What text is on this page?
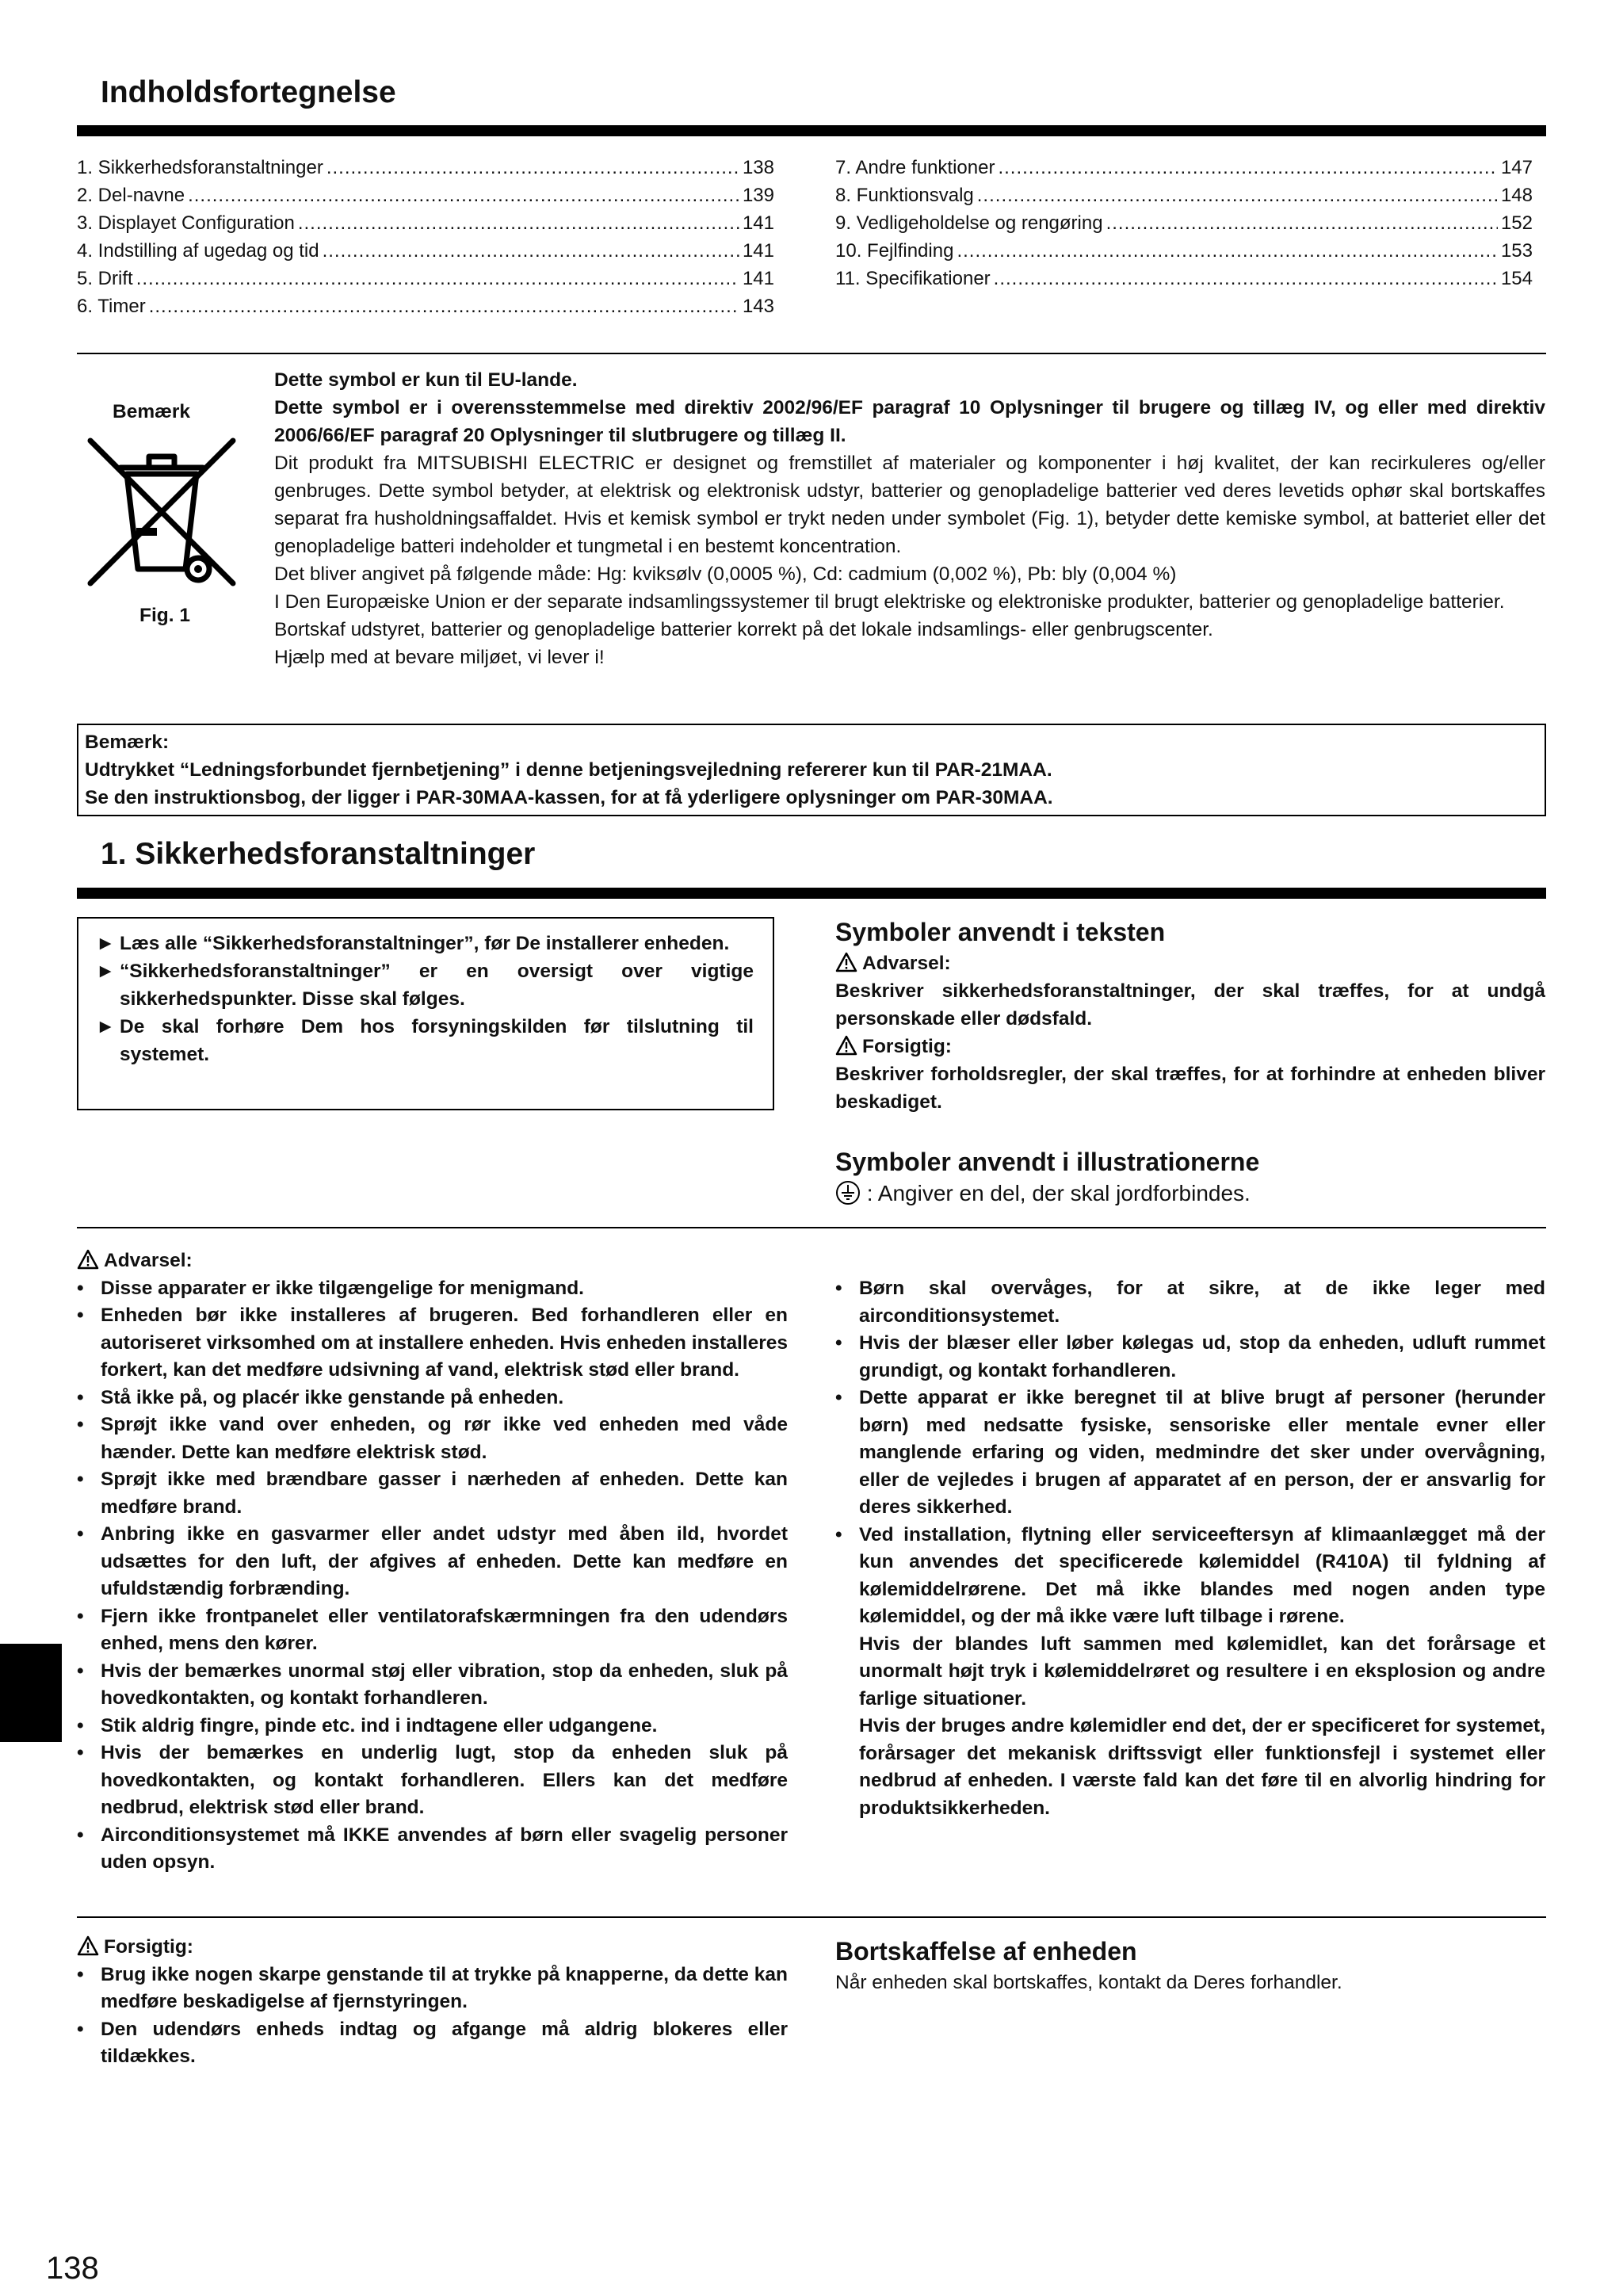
Indholdsfortegnelse
1. Sikkerhedsforanstaltninger .....	138
2. Del-navne .....	139
3. Displayet Configuration .....	141
4. Indstilling af ugedag og tid .....	141
5. Drift .....	141
6. Timer .....	143
7. Andre funktioner .....	147
8. Funktionsvalg .....	148
9. Vedligeholdelse og rengøring .....	152
10. Fejlfinding .....	153
11. Specifikationer .....	154
Bemærk
Fig. 1

Dette symbol er kun til EU-lande.

Dette symbol er i overensstemmelse med direktiv 2002/96/EF paragraf 10 Oplysninger til brugere og tillæg IV, og eller med direktiv 2006/66/EF paragraf 20 Oplysninger til slutbrugere og tillæg II.

Dit produkt fra MITSUBISHI ELECTRIC er designet og fremstillet af materialer og komponenter i høj kvalitet, der kan recirkuleres og/eller genbruges. Dette symbol betyder, at elektrisk og elektronisk udstyr, batterier og genopladelige batterier ved deres levetids ophør skal bortskaffes separat fra husholdningsaffaldet. Hvis et kemisk symbol er trykt neden under symbolet (Fig. 1), betyder dette kemiske symbol, at batteriet eller det genopladelige batteri indeholder et tungmetal i en bestemt koncentration.

Det bliver angivet på følgende måde: Hg: kviksølv (0,0005 %), Cd: cadmium (0,002 %), Pb: bly (0,004 %)

I Den Europæiske Union er der separate indsamlingssystemer til brugt elektriske og elektroniske produkter, batterier og genopladelige batterier.

Bortskaf udstyret, batterier og genopladelige batterier korrekt på det lokale indsamlings- eller genbrugscenter.

Hjælp med at bevare miljøet, vi lever i!

Bemærk:

Udtrykket “Ledningsforbundet fjernbetjening” i denne betjeningsvejledning refererer kun til PAR-21MAA.

Se den instruktionsbog, der ligger i PAR-30MAA-kassen, for at få yderligere oplysninger om PAR-30MAA.

1. Sikkerhedsforanstaltninger
► Læs alle “Sikkerhedsforanstaltninger”, før De installerer enheden.
► “Sikkerhedsforanstaltninger” er en oversigt over vigtige sikkerhedspunkter. Disse skal følges.
► De skal forhøre Dem hos forsyningskilden før tilslutning til systemet.
Symboler anvendt i teksten

Advarsel:

Beskriver sikkerhedsforanstaltninger, der skal træffes, for at undgå personskade eller dødsfald.

Forsigtig:

Beskriver forholdsregler, der skal træffes, for at forhindre at enheden bliver beskadiget.

Symboler anvendt i illustrationerne
: Angiver en del, der skal jordforbindes.

Advarsel:

• Disse apparater er ikke tilgængelige for menigmand.
• Enheden bør ikke installeres af brugeren. Bed forhandleren eller en autoriseret virksomhed om at installere enheden. Hvis enheden installeres forkert, kan det medføre udsivning af vand, elektrisk stød eller brand.
• Stå ikke på, og placér ikke genstande på enheden.
• Sprøjt ikke vand over enheden, og rør ikke ved enheden med våde hænder. Dette kan medføre elektrisk stød.
• Sprøjt ikke med brændbare gasser i nærheden af enheden. Dette kan medføre brand.
• Anbring ikke en gasvarmer eller andet udstyr med åben ild, hvordet udsættes for den luft, der afgives af enheden. Dette kan medføre en ufuldstændig forbrænding.
• Fjern ikke frontpanelet eller ventilatorafskærmningen fra den udendørs enhed, mens den kører.
• Hvis der bemærkes unormal støj eller vibration, stop da enheden, sluk på hovedkontakten, og kontakt forhandleren.
• Stik aldrig fingre, pinde etc. ind i indtagene eller udgangene.
• Hvis der bemærkes en underlig lugt, stop da enheden sluk på hovedkontakten, og kontakt forhandleren. Ellers kan det medføre nedbrud, elektrisk stød eller brand.
• Airconditionsystemet må IKKE anvendes af børn eller svagelig personer uden opsyn.
• Børn skal overvåges, for at sikre, at de ikke leger med airconditionsystemet.
• Hvis der blæser eller løber kølegas ud, stop da enheden, udluft rummet grundigt, og kontakt forhandleren.
• Dette apparat er ikke beregnet til at blive brugt af personer (herunder børn) med nedsatte fysiske, sensoriske eller mentale evner eller manglende erfaring og viden, medmindre det sker under overvågning, eller de vejledes i brugen af apparatet af en person, der er ansvarlig for deres sikkerhed.
• Ved installation, flytning eller serviceeftersyn af klimaanlægget må der kun anvendes det specificerede kølemiddel (R410A) til fyldning af kølemiddelrørene. Det må ikke blandes med nogen anden type kølemiddel, og der må ikke være luft tilbage i rørene.

Hvis der blandes luft sammen med kølemidlet, kan det forårsage et unormalt højt tryk i kølemiddelrøret og resultere i en eksplosion og andre farlige situationer.

Hvis der bruges andre kølemidler end det, der er specificeret for systemet, forårsager det mekanisk driftssvigt eller funktionsfejl i systemet eller nedbrud af enheden. I værste fald kan det føre til en alvorlig hindring for produktsikkerheden.

Forsigtig:

• Brug ikke nogen skarpe genstande til at trykke på knapperne, da dette kan medføre beskadigelse af fjernstyringen.
• Den udendørs enheds indtag og afgange må aldrig blokeres eller tildækkes.
Bortskaffelse af enheden
Når enheden skal bortskaffes, kontakt da Deres forhandler.
138
